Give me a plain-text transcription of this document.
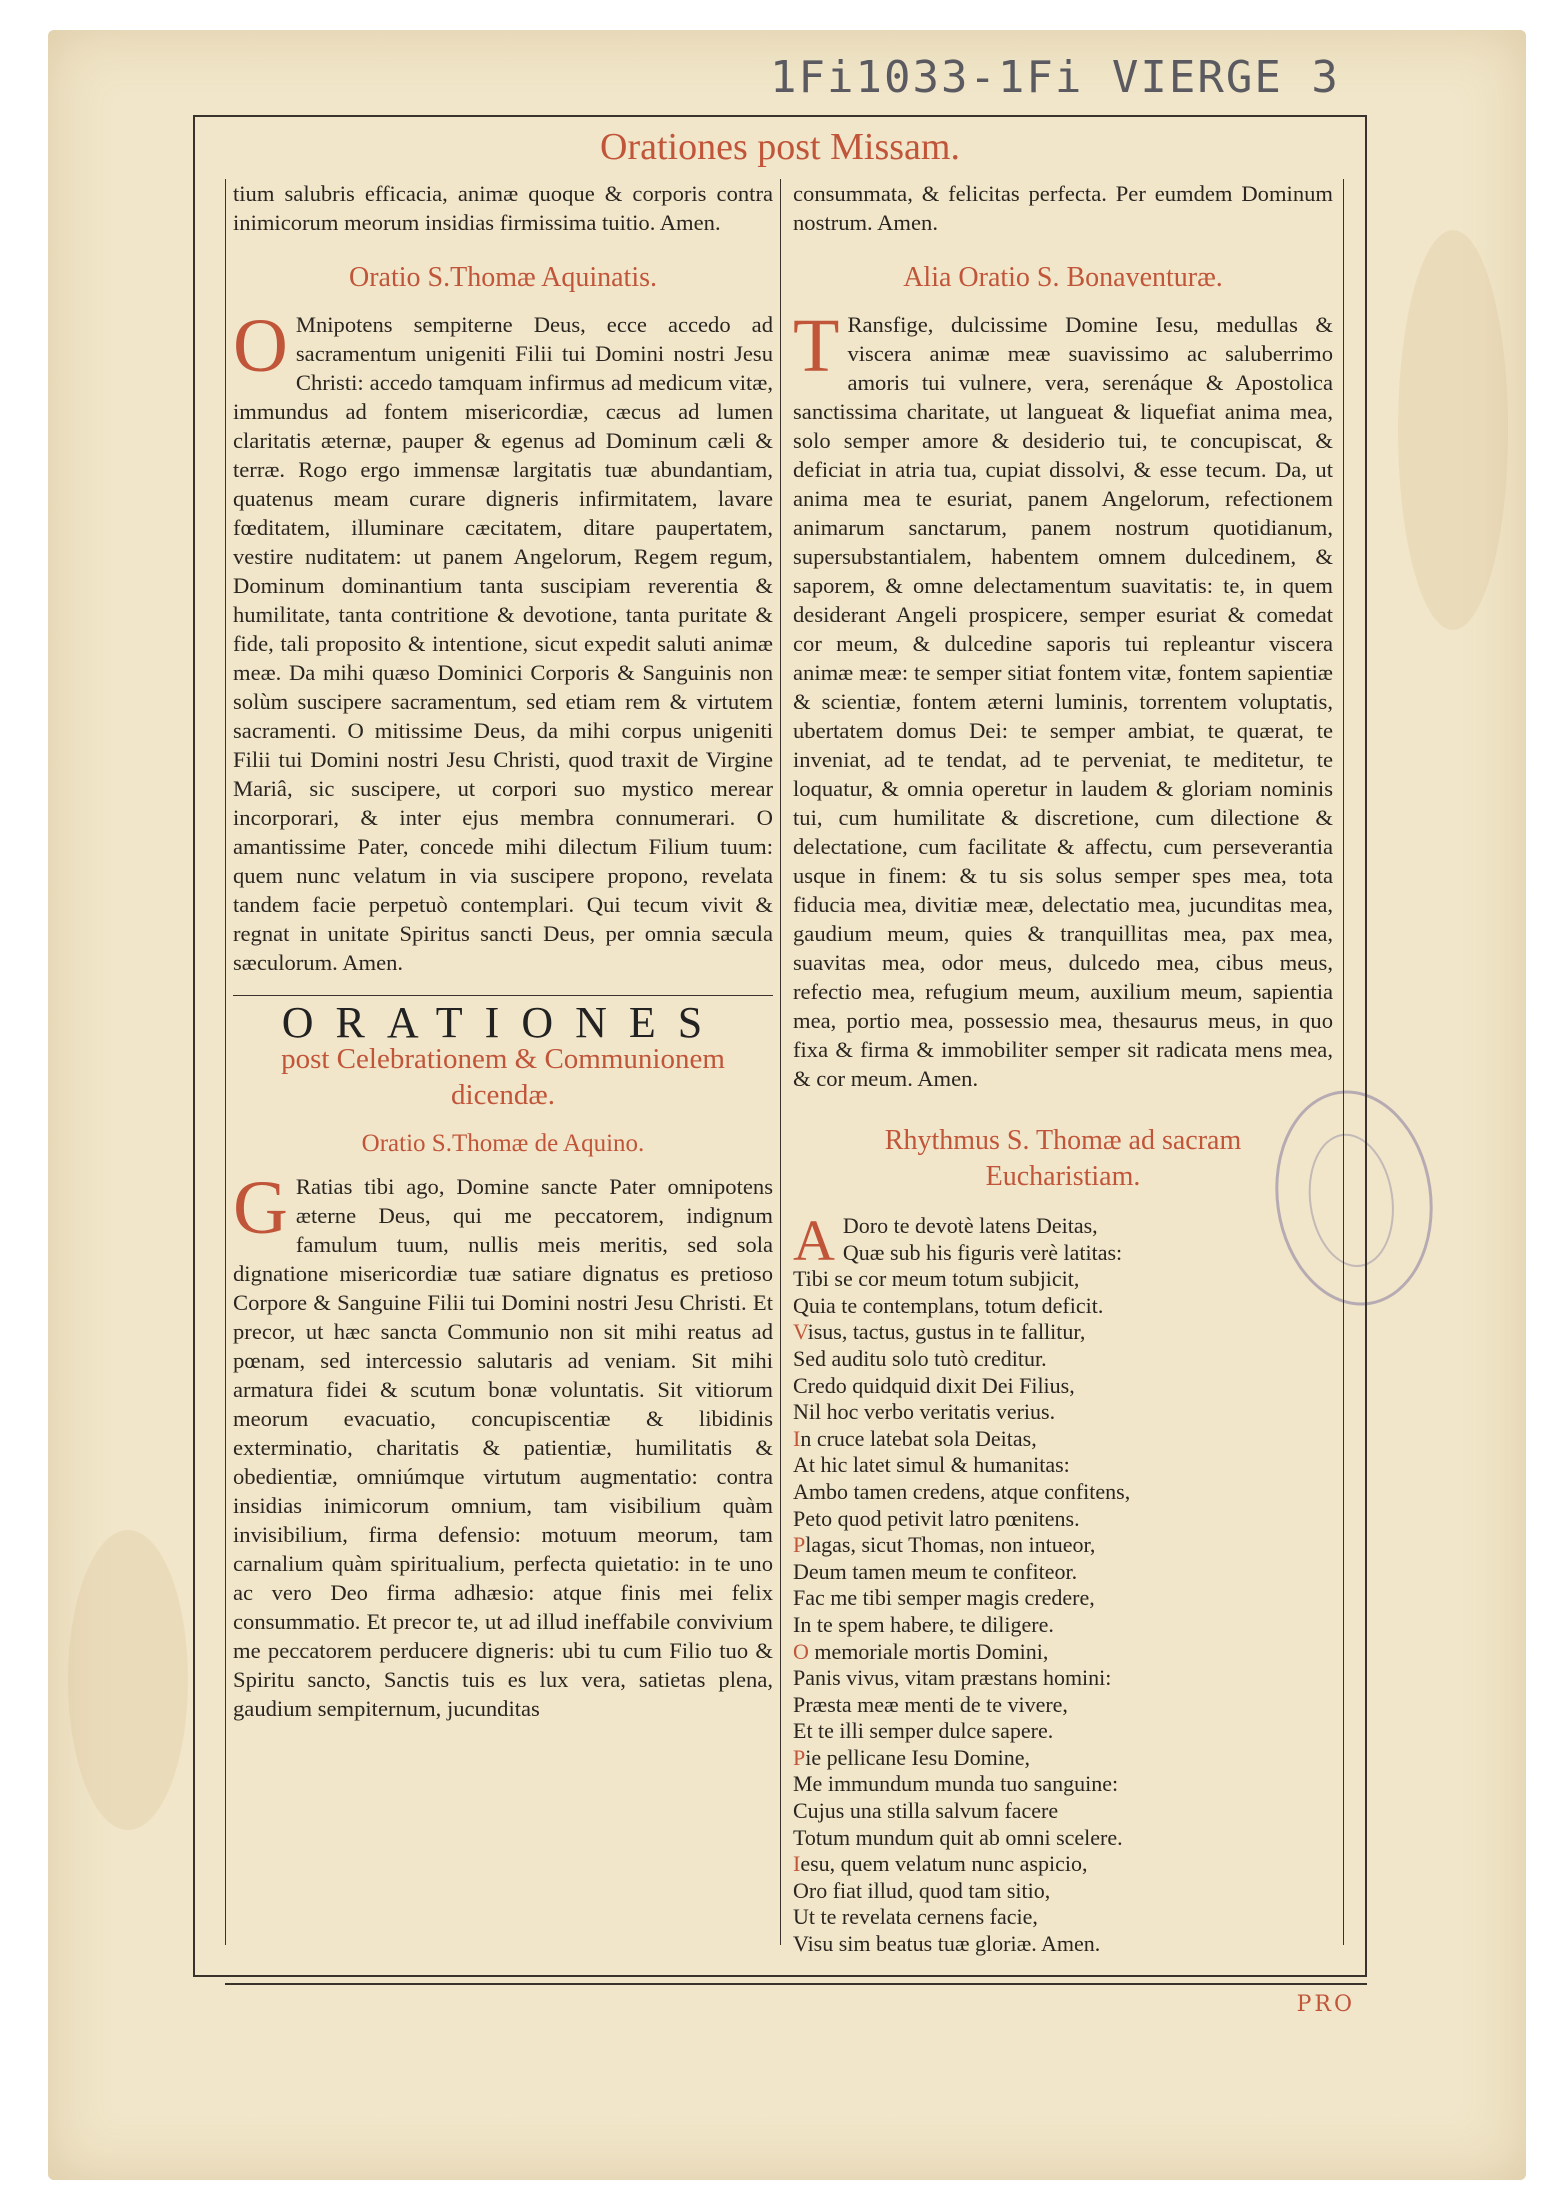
1Fi1033-1Fi VIERGE 3
Orationes post Missam.

tium salubris efficacia, animæ quoque & corporis contra inimicorum meorum insidias firmissima tuitio. Amen.

Oratio S.Thomæ Aquinatis.

O Mnipotens sempiterne Deus, ecce accedo ad sacramentum unigeniti Filii tui Domini nostri Jesu Christi: accedo tamquam infirmus ad medicum vitæ, immundus ad fontem misericordiæ, cæcus ad lumen claritatis æternæ, pauper & egenus ad Dominum cæli & terræ. Rogo ergo immensæ largitatis tuæ abundantiam, quatenus meam curare digneris infirmitatem, lavare fœditatem, illuminare cæcitatem, ditare paupertatem, vestire nuditatem: ut panem Angelorum, Regem regum, Dominum dominantium tanta suscipiam reverentia & humilitate, tanta contritione & devotione, tanta puritate & fide, tali proposito & intentione, sicut expedit saluti animæ meæ. Da mihi quæso Dominici Corporis & Sanguinis non solùm suscipere sacramentum, sed etiam rem & virtutem sacramenti. O mitissime Deus, da mihi corpus unigeniti Filii tui Domini nostri Jesu Christi, quod traxit de Virgine Mariâ, sic suscipere, ut corpori suo mystico merear incorporari, & inter ejus membra connumerari. O amantissime Pater, concede mihi dilectum Filium tuum: quem nunc velatum in via suscipere propono, revelata tandem facie perpetuò contemplari. Qui tecum vivit & regnat in unitate Spiritus sancti Deus, per omnia sæcula sæculorum. Amen.

ORATIONES
post Celebrationem & Communionem dicendæ.
Oratio S.Thomæ de Aquino.

G Ratias tibi ago, Domine sancte Pater omnipotens æterne Deus, qui me peccatorem, indignum famulum tuum, nullis meis meritis, sed sola dignatione misericordiæ tuæ satiare dignatus es pretioso Corpore & Sanguine Filii tui Domini nostri Jesu Christi. Et precor, ut hæc sancta Communio non sit mihi reatus ad pœnam, sed intercessio salutaris ad veniam. Sit mihi armatura fidei & scutum bonæ voluntatis. Sit vitiorum meorum evacuatio, concupiscentiæ & libidinis exterminatio, charitatis & patientiæ, humilitatis & obedientiæ, omniúmque virtutum augmentatio: contra insidias inimicorum omnium, tam visibilium quàm invisibilium, firma defensio: motuum meorum, tam carnalium quàm spiritualium, perfecta quietatio: in te uno ac vero Deo firma adhæsio: atque finis mei felix consummatio. Et precor te, ut ad illud ineffabile convivium me peccatorem perducere digneris: ubi tu cum Filio tuo & Spiritu sancto, Sanctis tuis es lux vera, satietas plena, gaudium sempiternum, jucunditas

consummata, & felicitas perfecta. Per eumdem Dominum nostrum. Amen.

Alia Oratio S. Bonaventuræ.

T Ransfige, dulcissime Domine Iesu, medullas & viscera animæ meæ suavissimo ac saluberrimo amoris tui vulnere, vera, serenáque & Apostolica sanctissima charitate, ut langueat & liquefiat anima mea, solo semper amore & desiderio tui, te concupiscat, & deficiat in atria tua, cupiat dissolvi, & esse tecum. Da, ut anima mea te esuriat, panem Angelorum, refectionem animarum sanctarum, panem nostrum quotidianum, supersubstantialem, habentem omnem dulcedinem, & saporem, & omne delectamentum suavitatis: te, in quem desiderant Angeli prospicere, semper esuriat & comedat cor meum, & dulcedine saporis tui repleantur viscera animæ meæ: te semper sitiat fontem vitæ, fontem sapientiæ & scientiæ, fontem æterni luminis, torrentem voluptatis, ubertatem domus Dei: te semper ambiat, te quærat, te inveniat, ad te tendat, ad te perveniat, te meditetur, te loquatur, & omnia operetur in laudem & gloriam nominis tui, cum humilitate & discretione, cum dilectione & delectatione, cum facilitate & affectu, cum perseverantia usque in finem: & tu sis solus semper spes mea, tota fiducia mea, divitiæ meæ, delectatio mea, jucunditas mea, gaudium meum, quies & tranquillitas mea, pax mea, suavitas mea, odor meus, dulcedo mea, cibus meus, refectio mea, refugium meum, auxilium meum, sapientia mea, portio mea, possessio mea, thesaurus meus, in quo fixa & firma & immobiliter semper sit radicata mens mea, & cor meum. Amen.

Rhythmus S. Thomæ ad sacram Eucharistiam.
A Doro te devotè latens Deitas,
Quæ sub his figuris verè latitas:
Tibi se cor meum totum subjicit,
Quia te contemplans, totum deficit.
Visus, tactus, gustus in te fallitur,
Sed auditu solo tutò creditur.
Credo quidquid dixit Dei Filius,
Nil hoc verbo veritatis verius.
In cruce latebat sola Deitas,
At hic latet simul & humanitas:
Ambo tamen credens, atque confitens,
Peto quod petivit latro pœnitens.
Plagas, sicut Thomas, non intueor,
Deum tamen meum te confiteor.
Fac me tibi semper magis credere,
In te spem habere, te diligere.
O memoriale mortis Domini,
Panis vivus, vitam præstans homini:
Præsta meæ menti de te vivere,
Et te illi semper dulce sapere.
Pie pellicane Iesu Domine,
Me immundum munda tuo sanguine:
Cujus una stilla salvum facere
Totum mundum quit ab omni scelere.
Iesu, quem velatum nunc aspicio,
Oro fiat illud, quod tam sitio,
Ut te revelata cernens facie,
Visu sim beatus tuæ gloriæ. Amen.
PRO
